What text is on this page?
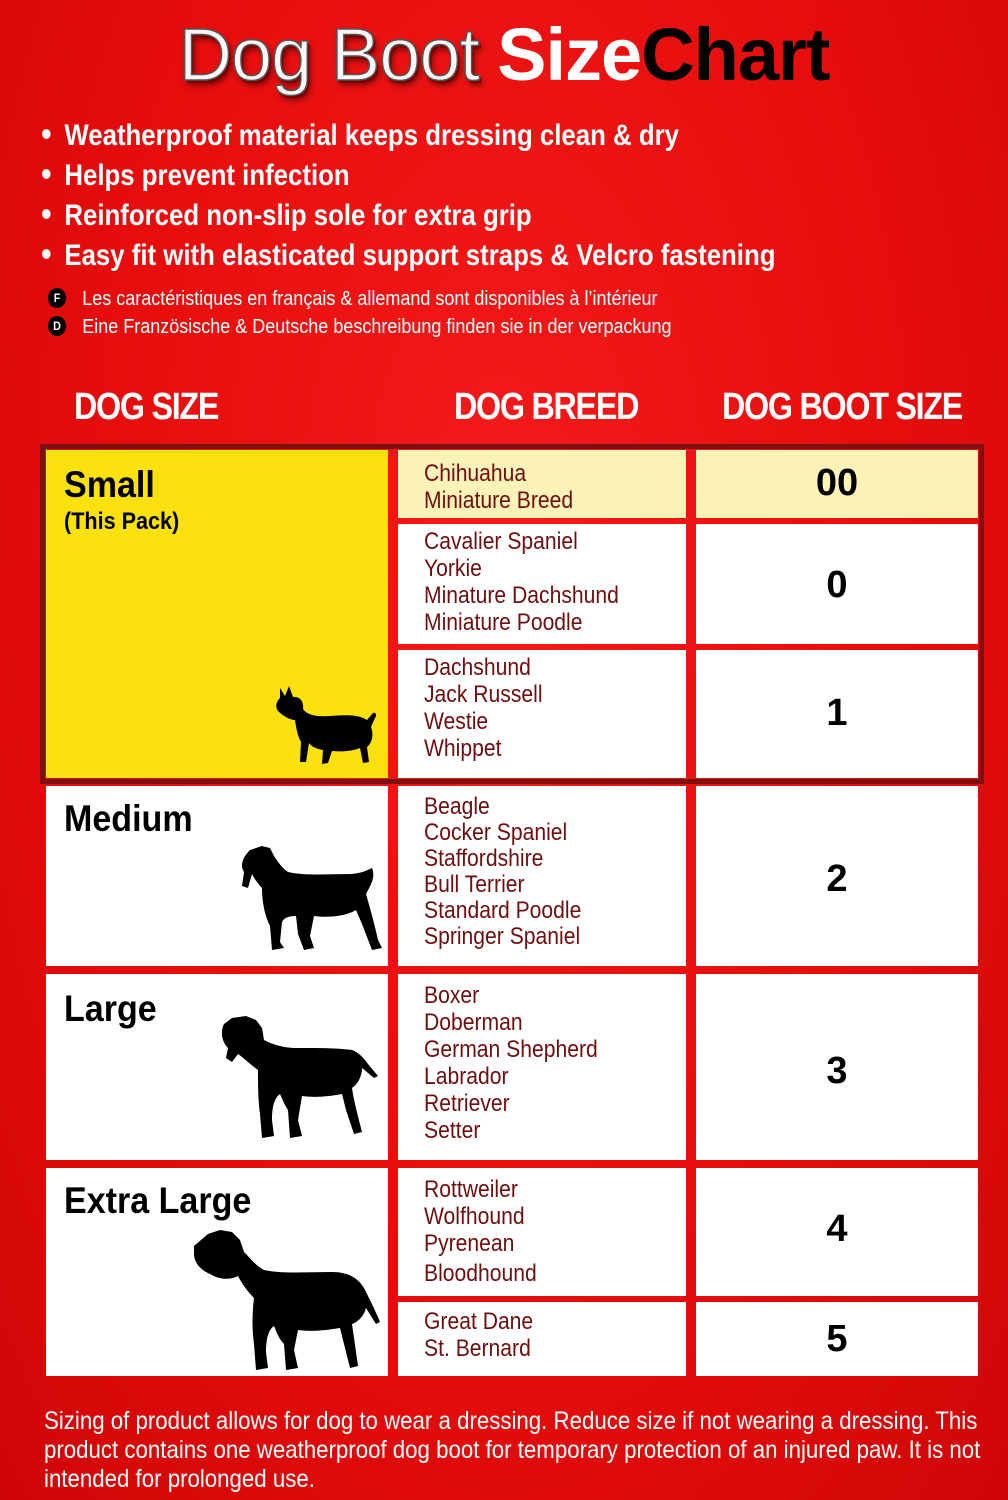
Dog Boot SizeChart
Weatherproof material keeps dressing clean & dry
Helps prevent infection
Reinforced non-slip sole for extra grip
Easy fit with elasticated support straps & Velcro fastening
F Les caractéristiques en français & allemand sont disponibles à l’intérieur
D Eine Französische & Deutsche beschreibung finden sie in der verpackung
DOG SIZE	DOG BREED DOG BOOT SIZE
Small
(This Pack)
Medium
Large
Extra Large
Chihuahua
Miniature Breed
Cavalier Spaniel
Yorkie
Minature Dachshund
Miniature Poodle
Dachshund
Jack Russell
Westie
Whippet
Beagle
Cocker Spaniel
Staffordshire
Bull Terrier
Standard Poodle
Springer Spaniel
Boxer
Doberman
German Shepherd
Labrador
Retriever
Setter
Rottweiler
Wolfhound
Pyrenean
Bloodhound
Great Dane
St. Bernard
00
0
1
2
3
4
5
Sizing of product allows for dog to wear a dressing. Reduce size if not wearing a dressing. This
product contains one weatherproof dog boot for temporary protection of an injured paw. It is not
intended for prolonged use.
